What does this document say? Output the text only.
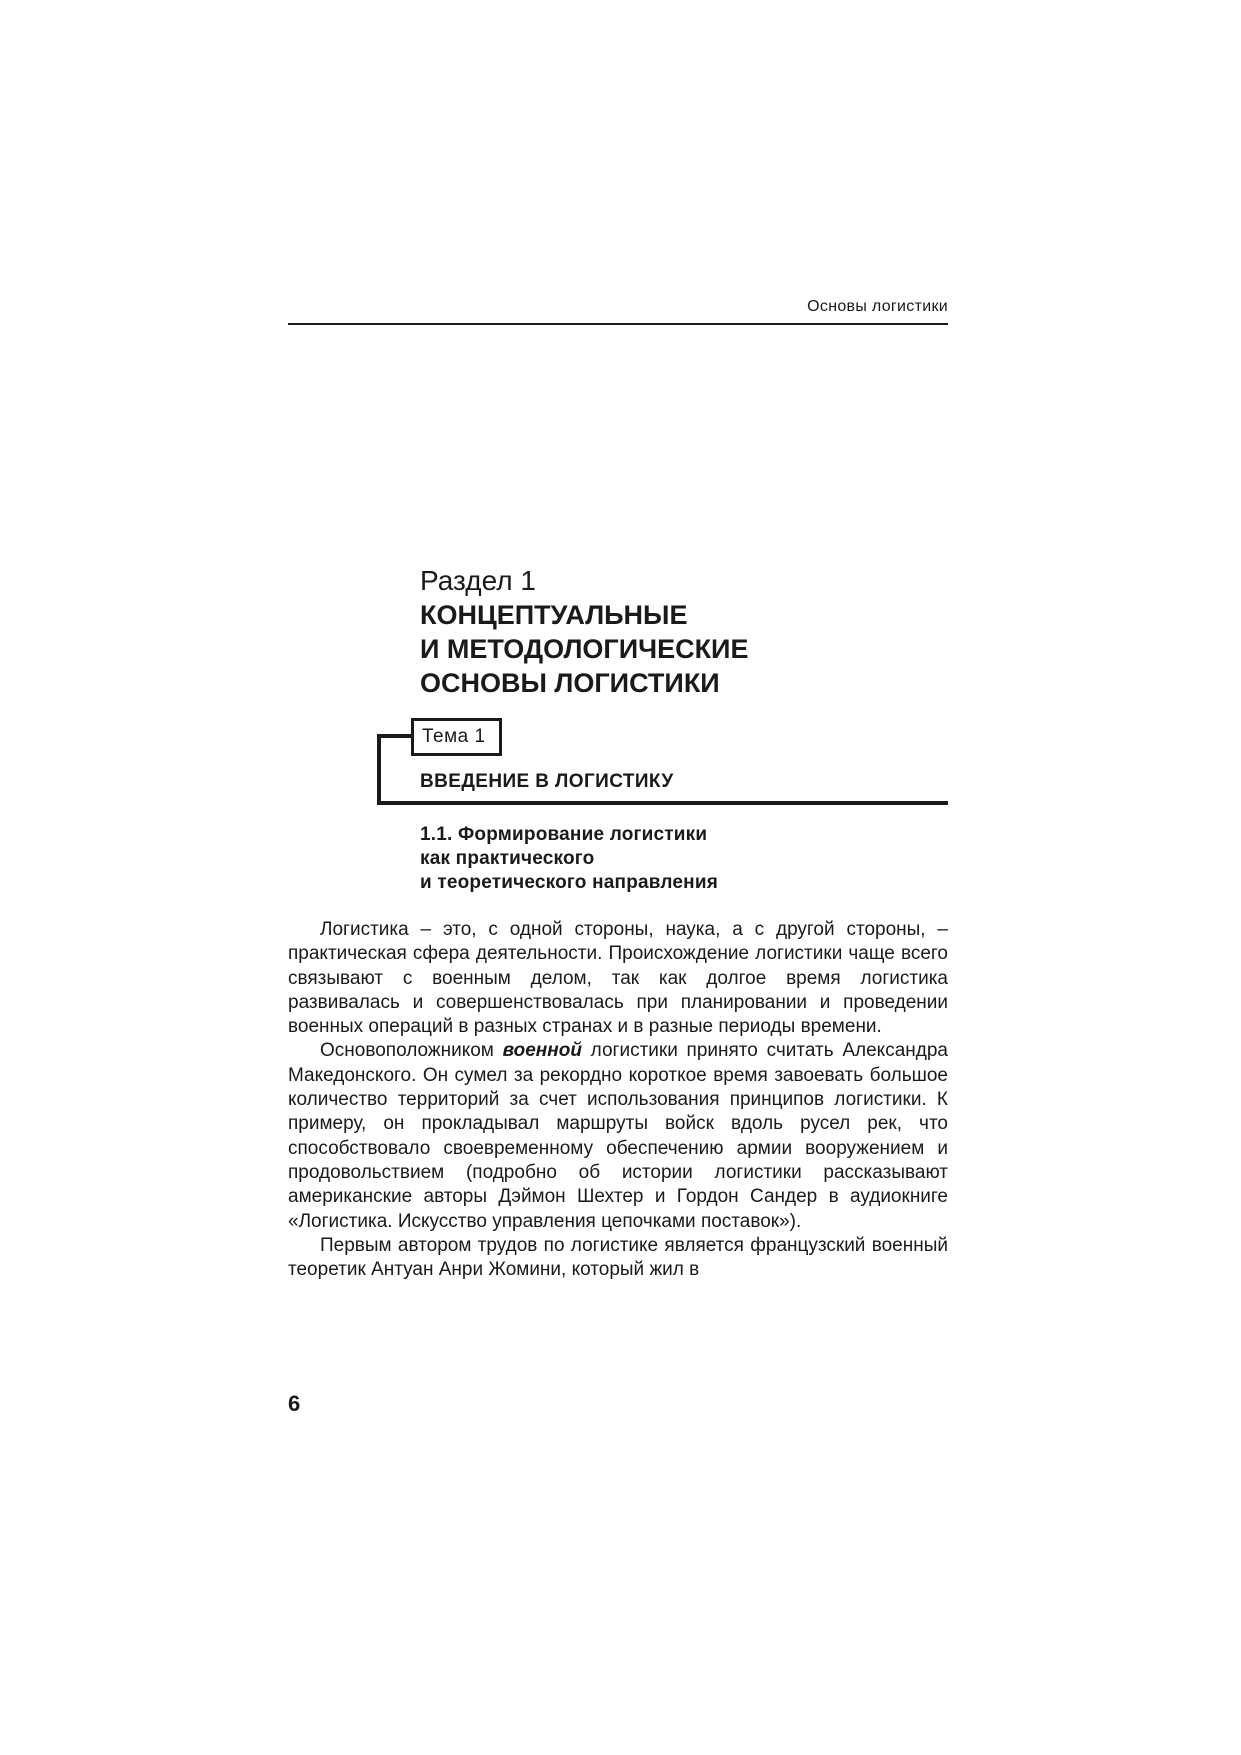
Основы логистики
Раздел 1
КОНЦЕПТУАЛЬНЫЕ
И МЕТОДОЛОГИЧЕСКИЕ
ОСНОВЫ ЛОГИСТИКИ
Тема 1
ВВЕДЕНИЕ В ЛОГИСТИКУ
1.1. Формирование логистики
как практического
и теоретического направления

Логистика – это, с одной стороны, наука, а с другой стороны, – практическая сфера деятельности. Происхождение логистики чаще всего связывают с военным делом, так как долгое время логистика развивалась и совершенствовалась при планировании и проведении военных операций в разных странах и в разные периоды времени.

Основоположником военной логистики принято считать Александра Македонского. Он сумел за рекордно короткое время завоевать большое количество территорий за счет использования принципов логистики. К примеру, он прокладывал маршруты войск вдоль русел рек, что способствовало своевременному обеспечению армии вооружением и продовольствием (подробно об истории логистики рассказывают американские авторы Дэймон Шехтер и Гордон Сандер в аудиокниге «Логистика. Искусство управления цепочками поставок»).

Первым автором трудов по логистике является французский военный теоретик Антуан Анри Жомини, который жил в

6
